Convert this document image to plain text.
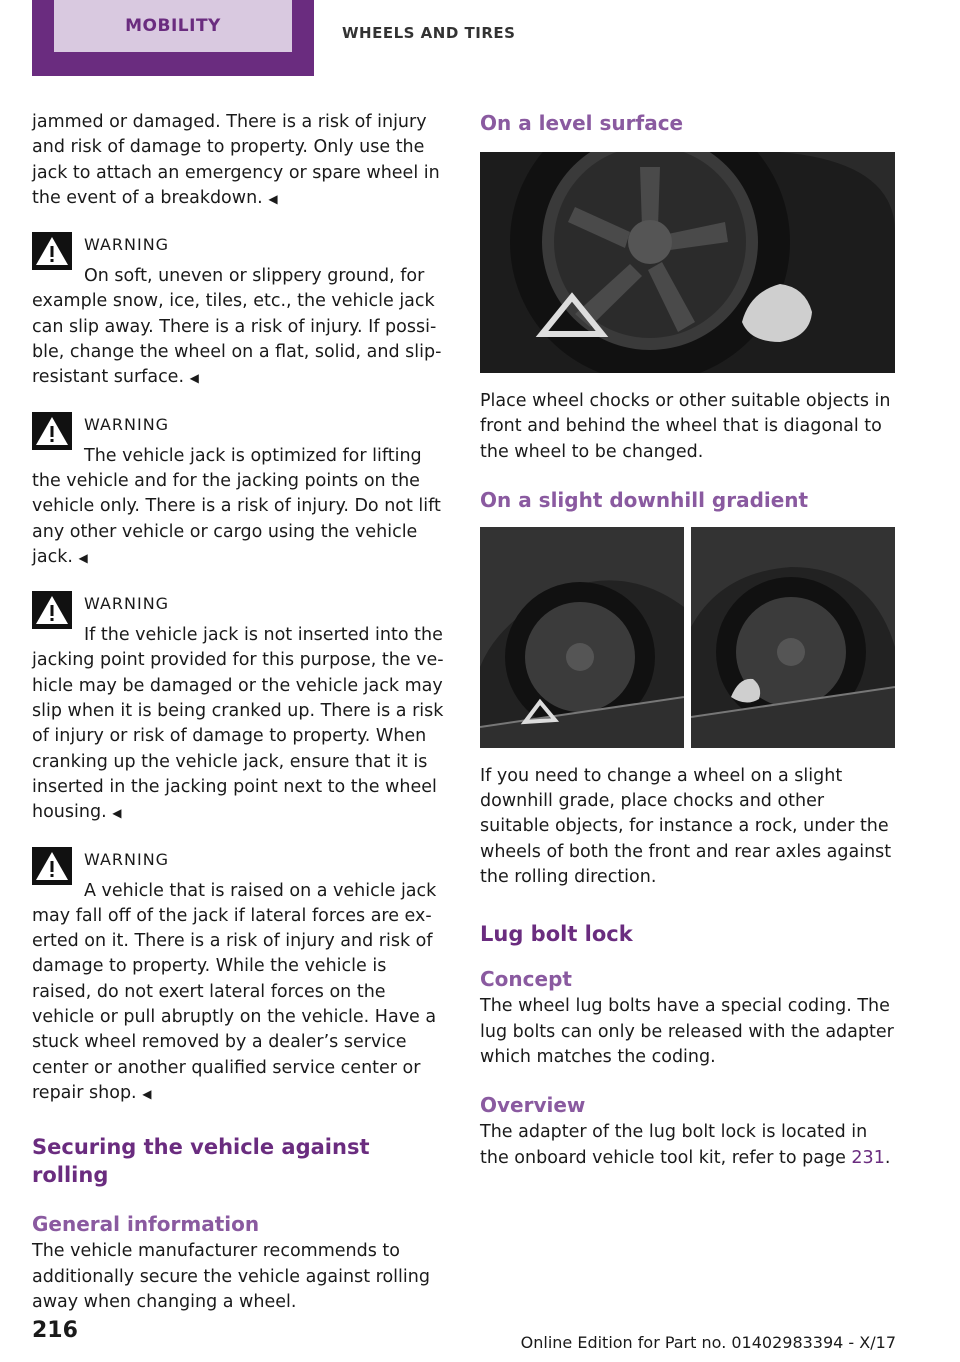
MOBILITY	WHEELS AND TIRES

jammed or damaged. There is a risk of injury and risk of damage to property. Only use the jack to attach an emergency or spare wheel in the event of a breakdown. ◀

WARNING

On soft, uneven or slippery ground, for example snow, ice, tiles, etc., the vehicle jack can slip away. There is a risk of injury. If possible, change the wheel on a flat, solid, and slip-resistant surface. ◀

WARNING

The vehicle jack is optimized for lifting the vehicle and for the jacking points on the vehicle only. There is a risk of injury. Do not lift any other vehicle or cargo using the vehicle jack. ◀

WARNING

If the vehicle jack is not inserted into the jacking point provided for this purpose, the vehicle may be damaged or the vehicle jack may slip when it is being cranked up. There is a risk of injury or risk of damage to property. When cranking up the vehicle jack, ensure that it is inserted in the jacking point next to the wheel housing. ◀

WARNING

A vehicle that is raised on a vehicle jack may fall off of the jack if lateral forces are exerted on it. There is a risk of injury and risk of damage to property. While the vehicle is raised, do not exert lateral forces on the vehicle or pull abruptly on the vehicle. Have a stuck wheel removed by a dealer’s service center or another qualified service center or repair shop. ◀

Securing the vehicle against rolling
General information

The vehicle manufacturer recommends to additionally secure the vehicle against rolling away when changing a wheel.

On a level surface

Place wheel chocks or other suitable objects in front and behind the wheel that is diagonal to the wheel to be changed.

On a slight downhill gradient

If you need to change a wheel on a slight downhill grade, place chocks and other suitable objects, for instance a rock, under the wheels of both the front and rear axles against the rolling direction.

Lug bolt lock
Concept

The wheel lug bolts have a special coding. The lug bolts can only be released with the adapter which matches the coding.

Overview

The adapter of the lug bolt lock is located in the onboard vehicle tool kit, refer to page 231.

216	Online Edition for Part no. 01402983394 - X/17
